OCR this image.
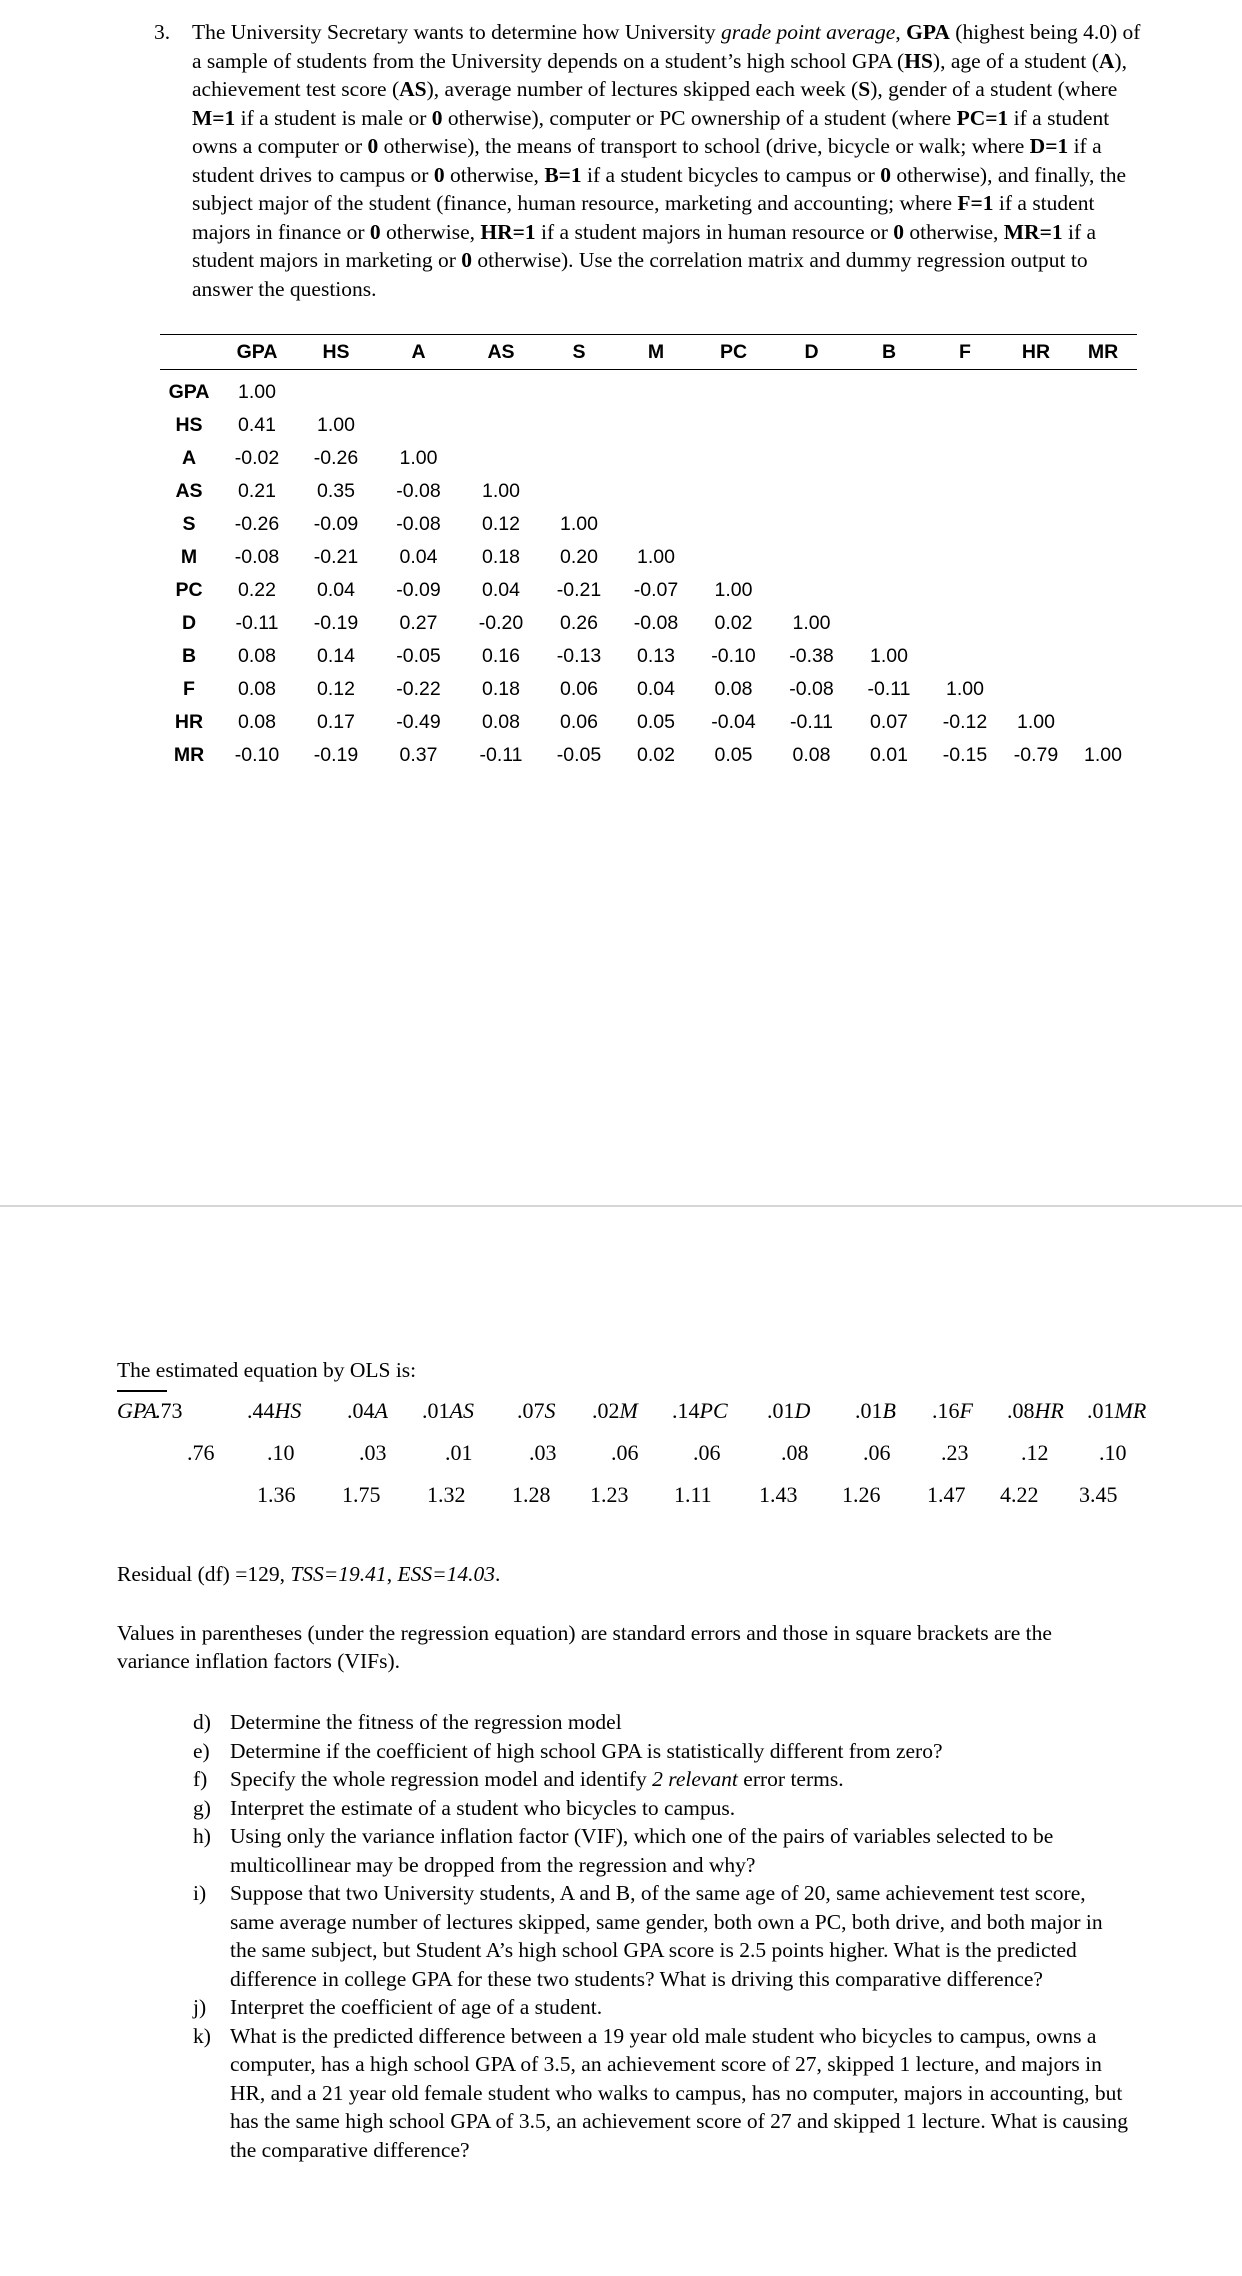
3. The University Secretary wants to determine how University grade point average, GPA (highest being 4.0) of a sample of students from the University depends on a student’s high school GPA (HS), age of a student (A), achievement test score (AS), average number of lectures skipped each week (S), gender of a student (where M=1 if a student is male or 0 otherwise), computer or PC ownership of a student (where PC=1 if a student owns a computer or 0 otherwise), the means of transport to school (drive, bicycle or walk; where D=1 if a student drives to campus or 0 otherwise, B=1 if a student bicycles to campus or 0 otherwise), and finally, the subject major of the student (finance, human resource, marketing and accounting; where F=1 if a student majors in finance or 0 otherwise, HR=1 if a student majors in human resource or 0 otherwise, MR=1 if a student majors in marketing or 0 otherwise). Use the correlation matrix and dummy regression output to answer the questions.
	GPA	HS	A	AS	S	M	PC	D	B	F	HR	MR
GPA	1.00											
HS	0.41	1.00										
A	-0.02	-0.26	1.00									
AS	0.21	0.35	-0.08	1.00								
S	-0.26	-0.09	-0.08	0.12	1.00							
M	-0.08	-0.21	0.04	0.18	0.20	1.00						
PC	0.22	0.04	-0.09	0.04	-0.21	-0.07	1.00					
D	-0.11	-0.19	0.27	-0.20	0.26	-0.08	0.02	1.00				
B	0.08	0.14	-0.05	0.16	-0.13	0.13	-0.10	-0.38	1.00			
F	0.08	0.12	-0.22	0.18	0.06	0.04	0.08	-0.08	-0.11	1.00		
HR	0.08	0.17	-0.49	0.08	0.06	0.05	-0.04	-0.11	0.07	-0.12	1.00	
MR	-0.10	-0.19	0.37	-0.11	-0.05	0.02	0.05	0.08	0.01	-0.15	-0.79	1.00
The estimated equation by OLS is:
GPA
.73	.44HS .04A .01AS .07S .02M .14PC .01D .01B .16F .08HR .01MR
.76 .10	.03	.01	.03 .06 .06	.08 .06 .23 .12 .10
1.36 1.75 1.32 1.28 1.23 1.11 1.43 1.26 1.47 4.22 3.45
Residual (df) =129, TSS=19.41, ESS=14.03.
Values in parentheses (under the regression equation) are standard errors and those in square brackets are the variance inflation factors (VIFs).
d) Determine the fitness of the regression model
e) Determine if the coefficient of high school GPA is statistically different from zero?
f) Specify the whole regression model and identify 2 relevant error terms.
g) Interpret the estimate of a student who bicycles to campus.
h) Using only the variance inflation factor (VIF), which one of the pairs of variables selected to be multicollinear may be dropped from the regression and why?
i) Suppose that two University students, A and B, of the same age of 20, same achievement test score, same average number of lectures skipped, same gender, both own a PC, both drive, and both major in the same subject, but Student A’s high school GPA score is 2.5 points higher. What is the predicted difference in college GPA for these two students? What is driving this comparative difference?
j) Interpret the coefficient of age of a student.
k) What is the predicted difference between a 19 year old male student who bicycles to campus, owns a computer, has a high school GPA of 3.5, an achievement score of 27, skipped 1 lecture, and majors in HR, and a 21 year old female student who walks to campus, has no computer, majors in accounting, but has the same high school GPA of 3.5, an achievement score of 27 and skipped 1 lecture. What is causing the comparative difference?
